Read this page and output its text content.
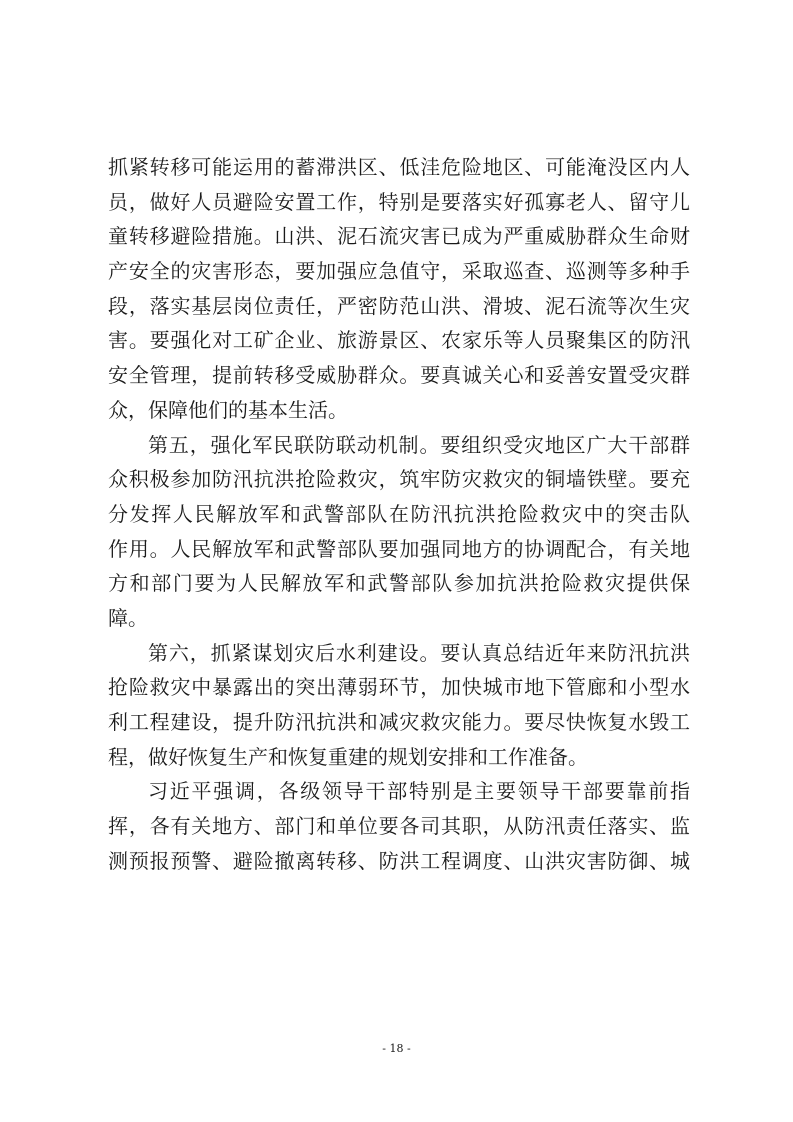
抓紧转移可能运用的蓄滞洪区、低洼危险地区、可能淹没区内人
员，做好人员避险安置工作，特别是要落实好孤寡老人、留守儿
童转移避险措施。山洪、泥石流灾害已成为严重威胁群众生命财
产安全的灾害形态，要加强应急值守，采取巡查、巡测等多种手
段，落实基层岗位责任，严密防范山洪、滑坡、泥石流等次生灾
害。要强化对工矿企业、旅游景区、农家乐等人员聚集区的防汛
安全管理，提前转移受威胁群众。要真诚关心和妥善安置受灾群
众，保障他们的基本生活。
第五，强化军民联防联动机制。要组织受灾地区广大干部群
众积极参加防汛抗洪抢险救灾，筑牢防灾救灾的铜墙铁壁。要充
分发挥人民解放军和武警部队在防汛抗洪抢险救灾中的突击队
作用。人民解放军和武警部队要加强同地方的协调配合，有关地
方和部门要为人民解放军和武警部队参加抗洪抢险救灾提供保
障。
第六，抓紧谋划灾后水利建设。要认真总结近年来防汛抗洪
抢险救灾中暴露出的突出薄弱环节，加快城市地下管廊和小型水
利工程建设，提升防汛抗洪和减灾救灾能力。要尽快恢复水毁工
程，做好恢复生产和恢复重建的规划安排和工作准备。
习近平强调，各级领导干部特别是主要领导干部要靠前指
挥，各有关地方、部门和单位要各司其职，从防汛责任落实、监
测预报预警、避险撤离转移、防洪工程调度、山洪灾害防御、城
- 18 -
